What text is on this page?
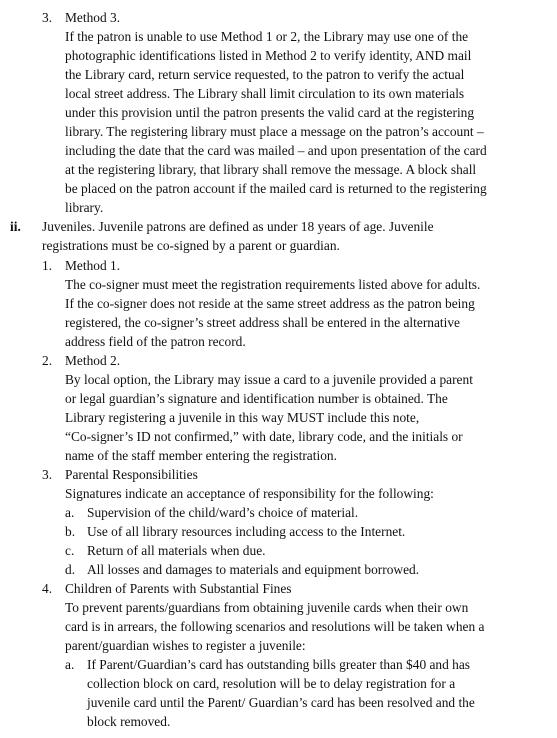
3. Method 3.
If the patron is unable to use Method 1 or 2, the Library may use one of the
photographic identifications listed in Method 2 to verify identity, AND mail
the Library card, return service requested, to the patron to verify the actual
local street address. The Library shall limit circulation to its own materials
under this provision until the patron presents the valid card at the registering
library. The registering library must place a message on the patron’s account –
including the date that the card was mailed – and upon presentation of the card
at the registering library, that library shall remove the message. A block shall
be placed on the patron account if the mailed card is returned to the registering
library.
ii. Juveniles. Juvenile patrons are defined as under 18 years of age. Juvenile
registrations must be co-signed by a parent or guardian.
1. Method 1.
The co-signer must meet the registration requirements listed above for adults.
If the co-signer does not reside at the same street address as the patron being
registered, the co-signer’s street address shall be entered in the alternative
address field of the patron record.
2. Method 2.
By local option, the Library may issue a card to a juvenile provided a parent
or legal guardian’s signature and identification number is obtained. The
Library registering a juvenile in this way MUST include this note,
“Co-signer’s ID not confirmed,” with date, library code, and the initials or
name of the staff member entering the registration.
3. Parental Responsibilities
Signatures indicate an acceptance of responsibility for the following:
a. Supervision of the child/ward’s choice of material.
b. Use of all library resources including access to the Internet.
c. Return of all materials when due.
d. All losses and damages to materials and equipment borrowed.
4. Children of Parents with Substantial Fines
To prevent parents/guardians from obtaining juvenile cards when their own
card is in arrears, the following scenarios and resolutions will be taken when a
parent/guardian wishes to register a juvenile:
a. If Parent/Guardian’s card has outstanding bills greater than $40 and has
collection block on card, resolution will be to delay registration for a
juvenile card until the Parent/ Guardian’s card has been resolved and the
block removed.
